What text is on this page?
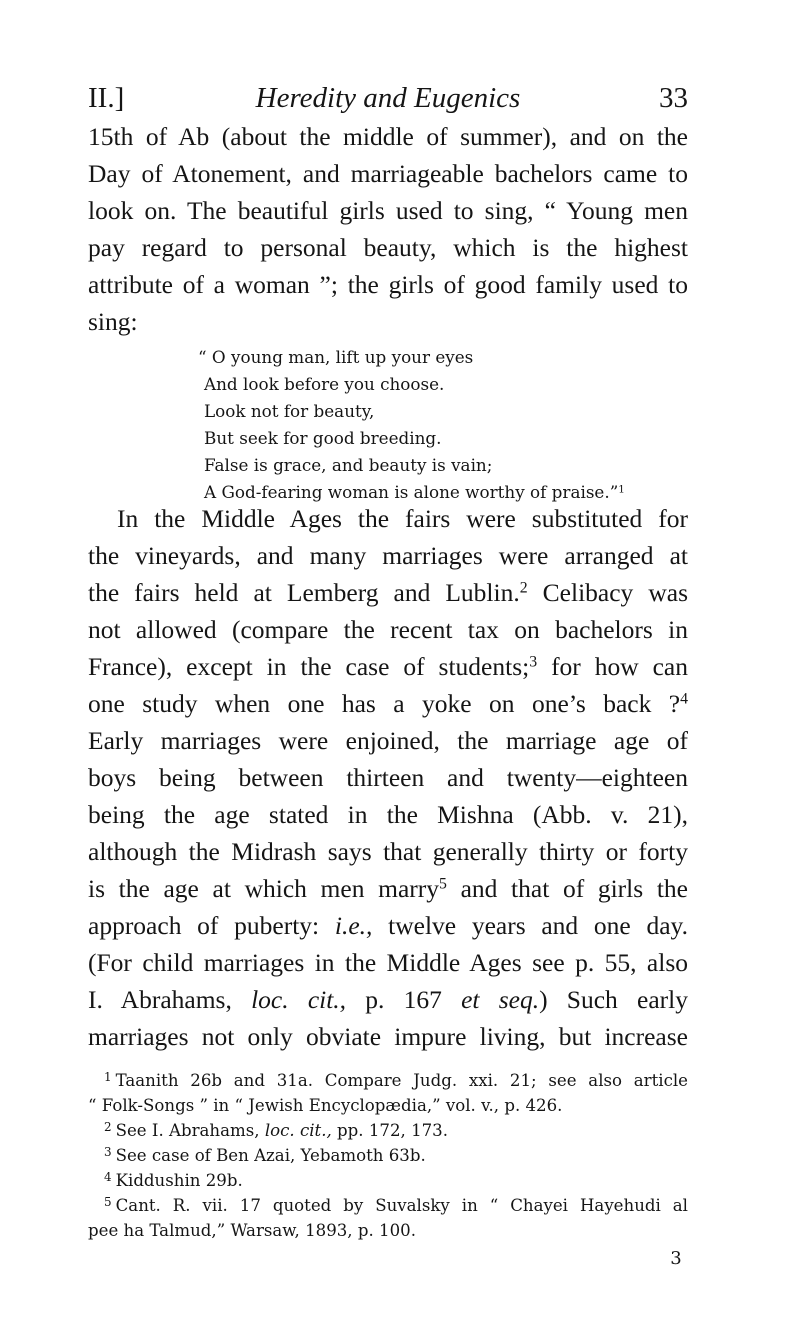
II.]	Heredity and Eugenics	33
15th of Ab (about the middle of summer), and on the
Day of Atonement, and marriageable bachelors came to
look on. The beautiful girls used to sing, “ Young men
pay regard to personal beauty, which is the highest
attribute of a woman ”; the girls of good family used to
sing:
“ O young man, lift up your eyes
And look before you choose.
Look not for beauty,
But seek for good breeding.
False is grace, and beauty is vain;
A God-fearing woman is alone worthy of praise.”$^1$
In the Middle Ages the fairs were substituted for
the vineyards, and many marriages were arranged at
the fairs held at Lemberg and Lublin.$^2$ Celibacy was
not allowed (compare the recent tax on bachelors in
France), except in the case of students;$^3$ for how can
one study when one has a yoke on one’s back ?$^4$
Early marriages were enjoined, the marriage age of
boys being between thirteen and twenty—eighteen
being the age stated in the Mishna (Abb. v. 21),
although the Midrash says that generally thirty or forty
is the age at which men marry$^5$ and that of girls the
approach of puberty: i.e., twelve years and one day.
(For child marriages in the Middle Ages see p. 55, also
I. Abrahams, loc. cit., p. 167 et seq.) Such early
marriages not only obviate impure living, but increase
$^1$ Taanith 26b and 31a. Compare Judg. xxi. 21; see also article
“ Folk-Songs ” in “ Jewish Encyclopædia,” vol. v., p. 426.
$^2$ See I. Abrahams, loc. cit., pp. 172, 173.
$^3$ See case of Ben Azai, Yebamoth 63b.
$^4$ Kiddushin 29b.
$^5$ Cant. R. vii. 17 quoted by Suvalsky in “ Chayei Hayehudi al
pee ha Talmud,” Warsaw, 1893, p. 100.
3
